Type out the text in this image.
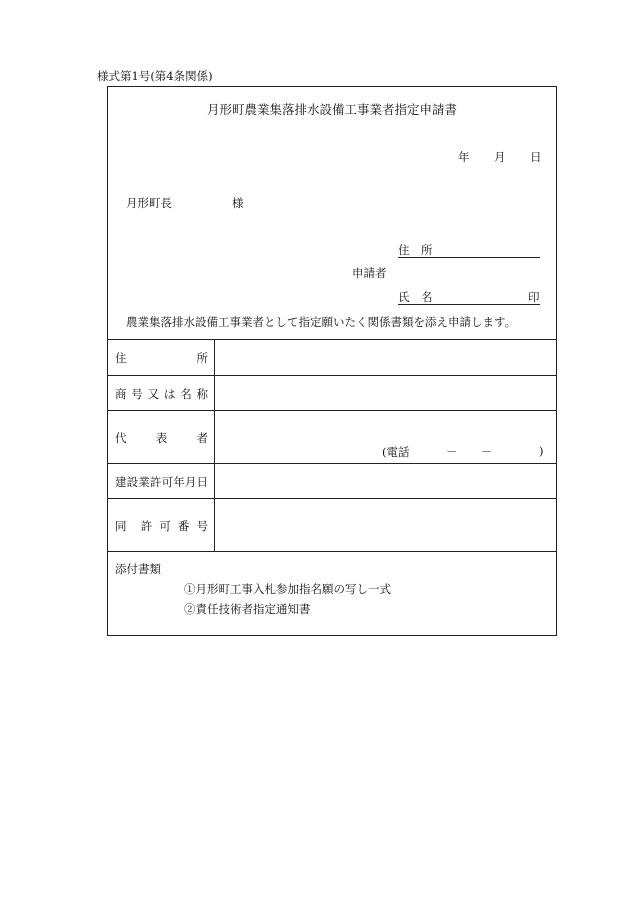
様式第1号(第4条関係)
月形町農業集落排水設備工事業者指定申請書
年 月 日
月形町長	様
住　所
申請者
氏　名	印
農業集落排水設備工事業者として指定願いたく関係書類を添え申請します。
住	所
商 号 又 は 名 称
代	表	者
(電話	－ －	)
建 設 業 許 可 年 月 日
同 許 可 番 号
添付書類
①月形町工事入札参加指名願の写し一式
②責任技術者指定通知書
